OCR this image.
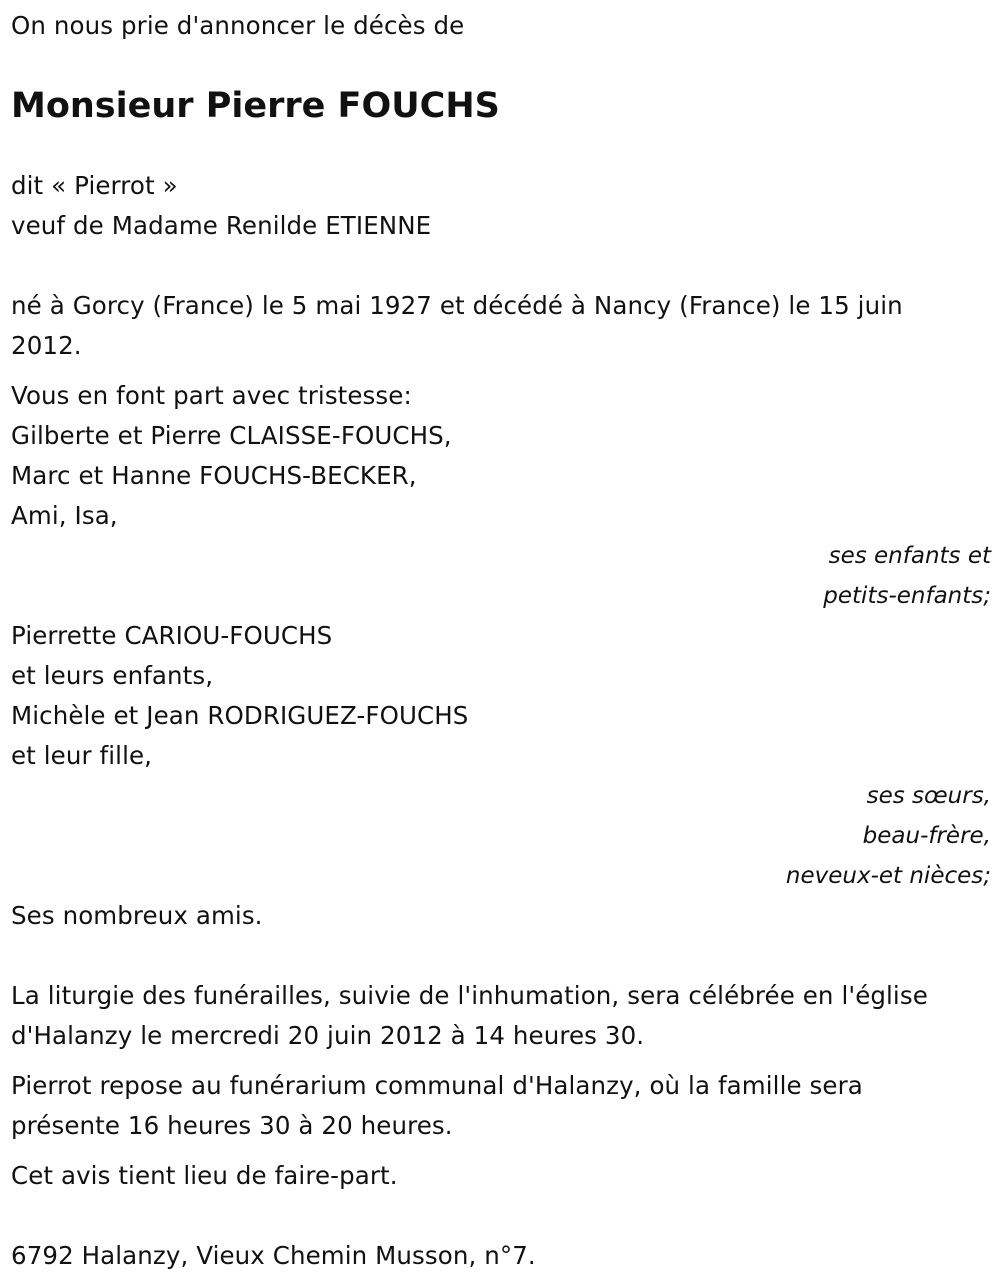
On nous prie d'annoncer le décès de
Monsieur Pierre FOUCHS
dit « Pierrot »
veuf de Madame Renilde ETIENNE
né à Gorcy (France) le 5 mai 1927 et décédé à Nancy (France) le 15 juin
2012.
Vous en font part avec tristesse:
Gilberte et Pierre CLAISSE-FOUCHS,
Marc et Hanne FOUCHS-BECKER,
Ami, Isa,
ses enfants et
petits-enfants;
Pierrette CARIOU-FOUCHS
et leurs enfants,
Michèle et Jean RODRIGUEZ-FOUCHS
et leur fille,
ses sœurs,
beau-frère,
neveux-et nièces;
Ses nombreux amis.
La liturgie des funérailles, suivie de l'inhumation, sera célébrée en l'église
d'Halanzy le mercredi 20 juin 2012 à 14 heures 30.
Pierrot repose au funérarium communal d'Halanzy, où la famille sera
présente 16 heures 30 à 20 heures.
Cet avis tient lieu de faire-part.
6792 Halanzy, Vieux Chemin Musson, n°7.
